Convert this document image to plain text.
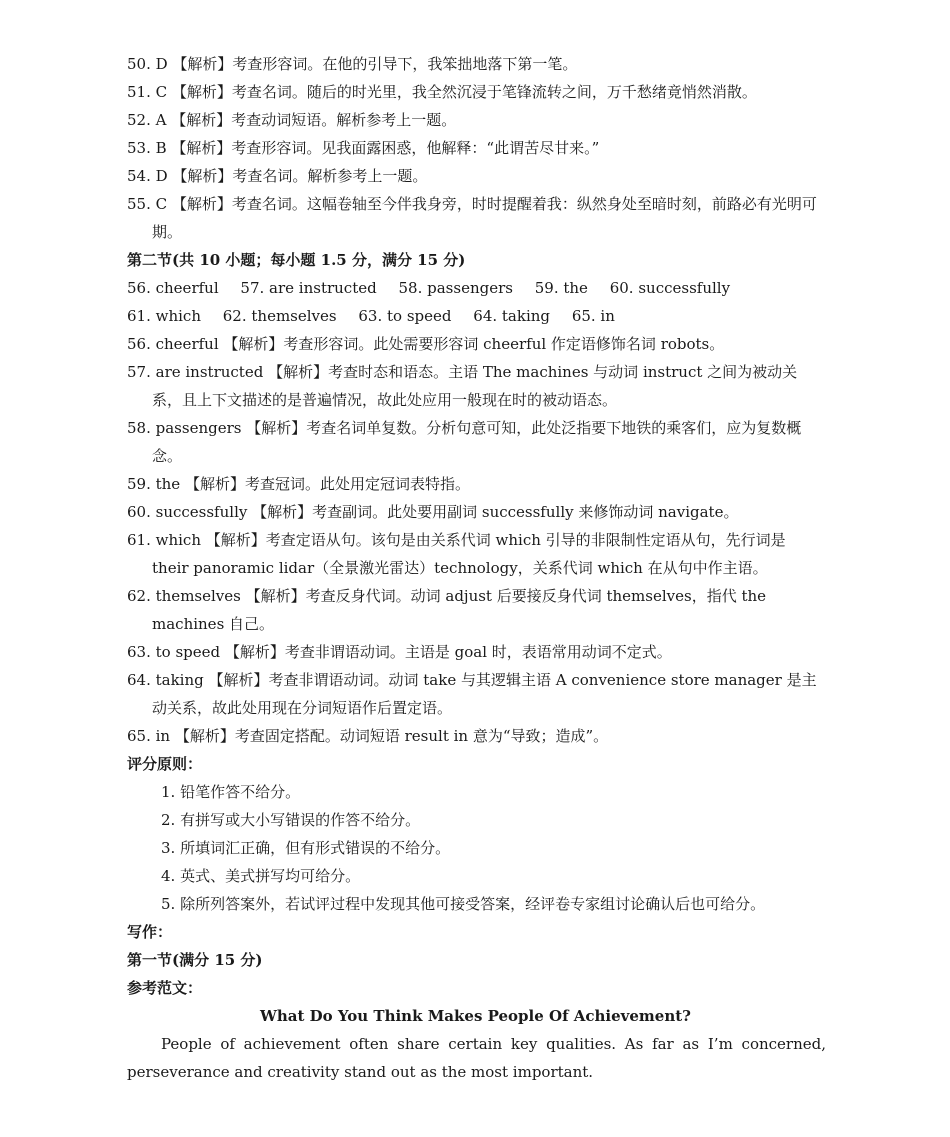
50. D 【解析】考查形容词。在他的引导下，我笨拙地落下第一笔。
51. C 【解析】考查名词。随后的时光里，我全然沉浸于笔锋流转之间，万千愁绪竟悄然消散。
52. A 【解析】考查动词短语。解析参考上一题。
53. B 【解析】考查形容词。见我面露困惑，他解释：“此谓苦尽甘来。”
54. D 【解析】考查名词。解析参考上一题。
55. C 【解析】考查名词。这幅卷轴至今伴我身旁，时时提醒着我：纵然身处至暗时刻，前路必有光明可期。
第二节(共 10 小题；每小题 1.5 分，满分 15 分)
56. cheerful 57. are instructed 58. passengers 59. the 60. successfully
61. which 62. themselves 63. to speed 64. taking 65. in
56. cheerful 【解析】考查形容词。此处需要形容词 cheerful 作定语修饰名词 robots。
57. are instructed 【解析】考查时态和语态。主语 The machines 与动词 instruct 之间为被动关系，且上下文描述的是普遍情况，故此处应用一般现在时的被动语态。
58. passengers 【解析】考查名词单复数。分析句意可知，此处泛指要下地铁的乘客们，应为复数概念。
59. the 【解析】考查冠词。此处用定冠词表特指。
60. successfully 【解析】考查副词。此处要用副词 successfully 来修饰动词 navigate。
61. which 【解析】考查定语从句。该句是由关系代词 which 引导的非限制性定语从句，先行词是 their panoramic lidar（全景激光雷达）technology，关系代词 which 在从句中作主语。
62. themselves 【解析】考查反身代词。动词 adjust 后要接反身代词 themselves，指代 the machines 自己。
63. to speed 【解析】考查非谓语动词。主语是 goal 时，表语常用动词不定式。
64. taking 【解析】考查非谓语动词。动词 take 与其逻辑主语 A convenience store manager 是主动关系，故此处用现在分词短语作后置定语。
65. in 【解析】考查固定搭配。动词短语 result in 意为“导致；造成”。
评分原则：
1. 铅笔作答不给分。
2. 有拼写或大小写错误的作答不给分。
3. 所填词汇正确，但有形式错误的不给分。
4. 英式、美式拼写均可给分。
5. 除所列答案外，若试评过程中发现其他可接受答案，经评卷专家组讨论确认后也可给分。
写作：
第一节(满分 15 分)
参考范文：
What Do You Think Makes People Of Achievement?
People of achievement often share certain key qualities. As far as I’m concerned, perseverance and creativity stand out as the most important.
